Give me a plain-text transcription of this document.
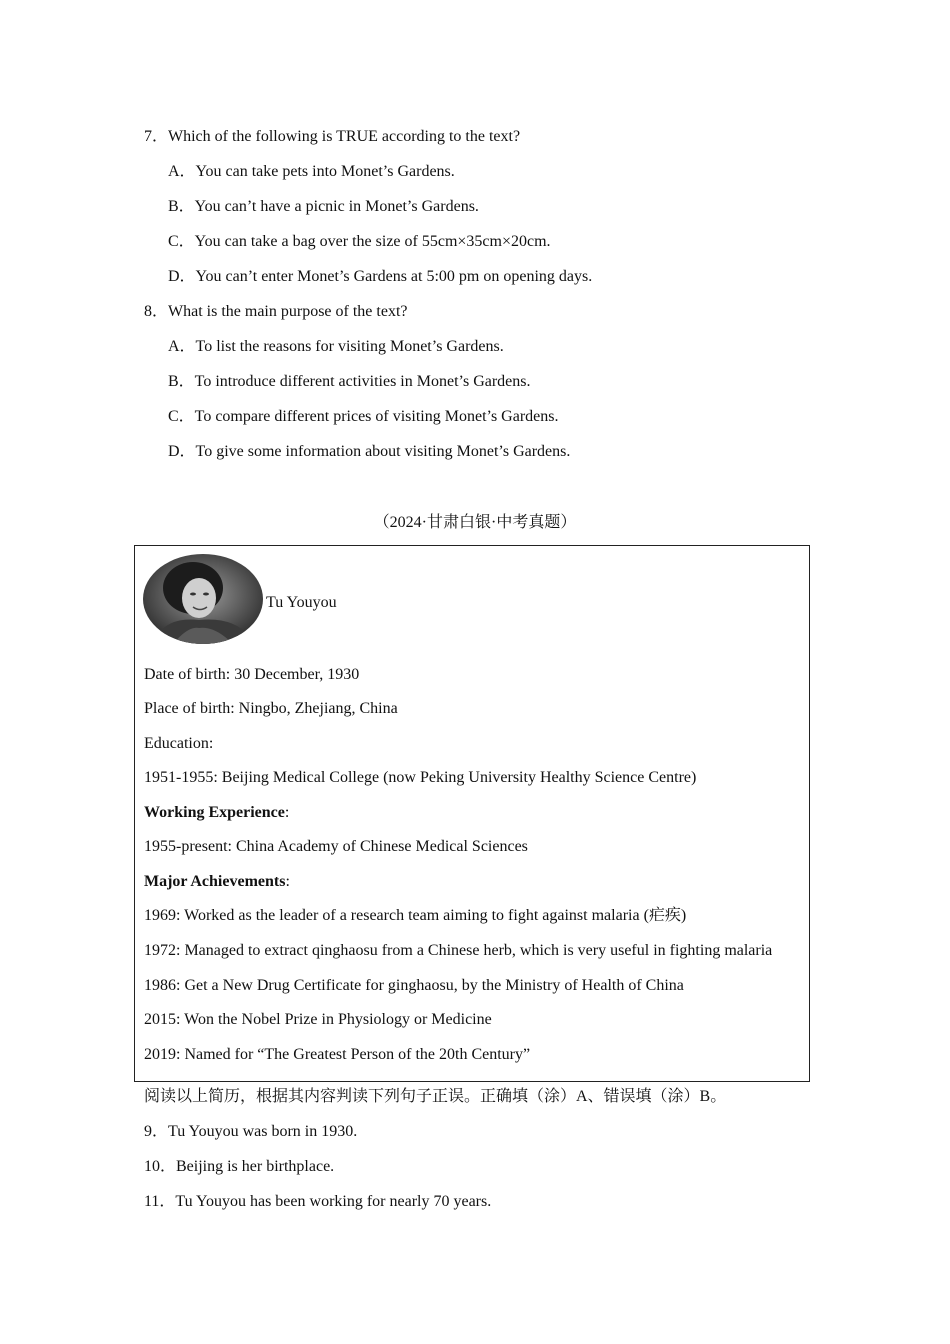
7．Which of the following is TRUE according to the text?
A．You can take pets into Monet’s Gardens.
B．You can’t have a picnic in Monet’s Gardens.
C．You can take a bag over the size of 55cm×35cm×20cm.
D．You can’t enter Monet’s Gardens at 5:00 pm on opening days.
8．What is the main purpose of the text?
A．To list the reasons for visiting Monet’s Gardens.
B．To introduce different activities in Monet’s Gardens.
C．To compare different prices of visiting Monet’s Gardens.
D．To give some information about visiting Monet’s Gardens.
（2024·甘肃白银·中考真题）
Tu Youyou
Date of birth: 30 December, 1930
Place of birth: Ningbo, Zhejiang, China
Education:
1951-1955: Beijing Medical College (now Peking University Healthy Science Centre)
Working Experience:
1955-present: China Academy of Chinese Medical Sciences
Major Achievements:
1969: Worked as the leader of a research team aiming to fight against malaria (疟疾)
1972: Managed to extract qinghaosu from a Chinese herb, which is very useful in fighting malaria
1986: Get a New Drug Certificate for ginghaosu, by the Ministry of Health of China
2015: Won the Nobel Prize in Physiology or Medicine
2019: Named for “The Greatest Person of the 20th Century”
阅读以上简历，根据其内容判读下列句子正误。正确填（涂）A、错误填（涂）B。
9．Tu Youyou was born in 1930.
10．Beijing is her birthplace.
11．Tu Youyou has been working for nearly 70 years.
